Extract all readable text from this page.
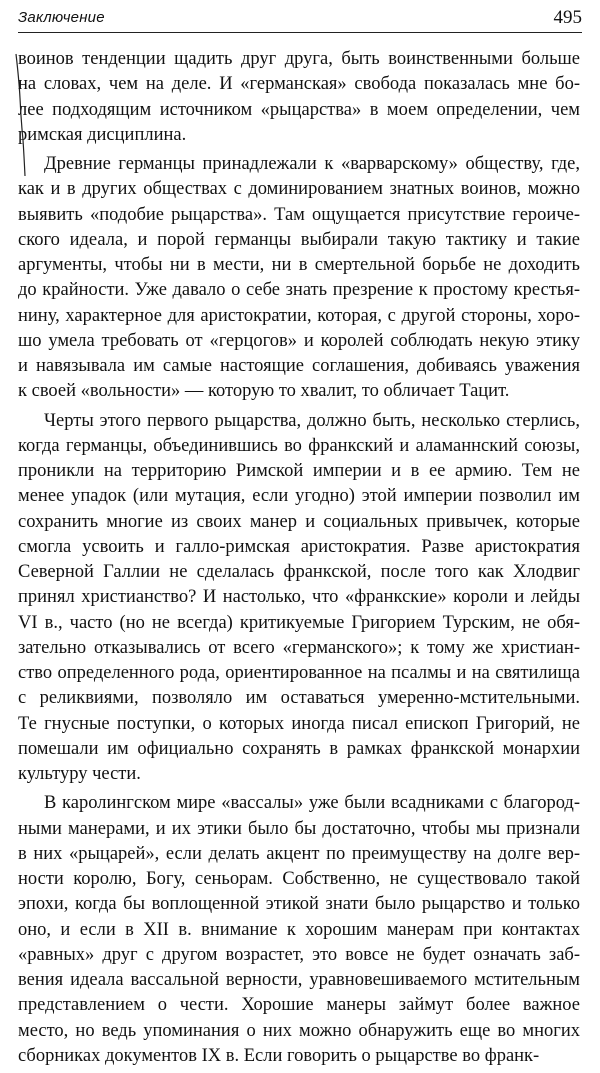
Заключение	495
воинов тенденции щадить друг друга, быть воинственными больше
на словах, чем на деле. И «германская» свобода показалась мне бо-
лее подходящим источником «рыцарства» в моем определении, чем
римская дисциплина.
Древние германцы принадлежали к «варварскому» обществу, где,
как и в других обществах с доминированием знатных воинов, можно
выявить «подобие рыцарства». Там ощущается присутствие героиче-
ского идеала, и порой германцы выбирали такую тактику и такие
аргументы, чтобы ни в мести, ни в смертельной борьбе не доходить
до крайности. Уже давало о себе знать презрение к простому крестья-
нину, характерное для аристократии, которая, с другой стороны, хоро-
шо умела требовать от «герцогов» и королей соблюдать некую этику
и навязывала им самые настоящие соглашения, добиваясь уважения
к своей «вольности» — которую то хвалит, то обличает Тацит.
Черты этого первого рыцарства, должно быть, несколько стерлись,
когда германцы, объединившись во франкский и аламаннский союзы,
проникли на территорию Римской империи и в ее армию. Тем не
менее упадок (или мутация, если угодно) этой империи позволил им
сохранить многие из своих манер и социальных привычек, которые
смогла усвоить и галло-римская аристократия. Разве аристократия
Северной Галлии не сделалась франкской, после того как Хлодвиг
принял христианство? И настолько, что «франкские» короли и лейды
VI в., часто (но не всегда) критикуемые Григорием Турским, не обя-
зательно отказывались от всего «германского»; к тому же христиан-
ство определенного рода, ориентированное на псалмы и на святилища
с реликвиями, позволяло им оставаться умеренно-мстительными.
Те гнусные поступки, о которых иногда писал епископ Григорий, не
помешали им официально сохранять в рамках франкской монархии
культуру чести.
В каролингском мире «вассалы» уже были всадниками с благород-
ными манерами, и их этики было бы достаточно, чтобы мы признали
в них «рыцарей», если делать акцент по преимуществу на долге вер-
ности королю, Богу, сеньорам. Собственно, не существовало такой
эпохи, когда бы воплощенной этикой знати было рыцарство и только
оно, и если в XII в. внимание к хорошим манерам при контактах
«равных» друг с другом возрастет, это вовсе не будет означать заб-
вения идеала вассальной верности, уравновешиваемого мстительным
представлением о чести. Хорошие манеры займут более важное
место, но ведь упоминания о них можно обнаружить еще во многих
сборниках документов IX в. Если говорить о рыцарстве во франк-
